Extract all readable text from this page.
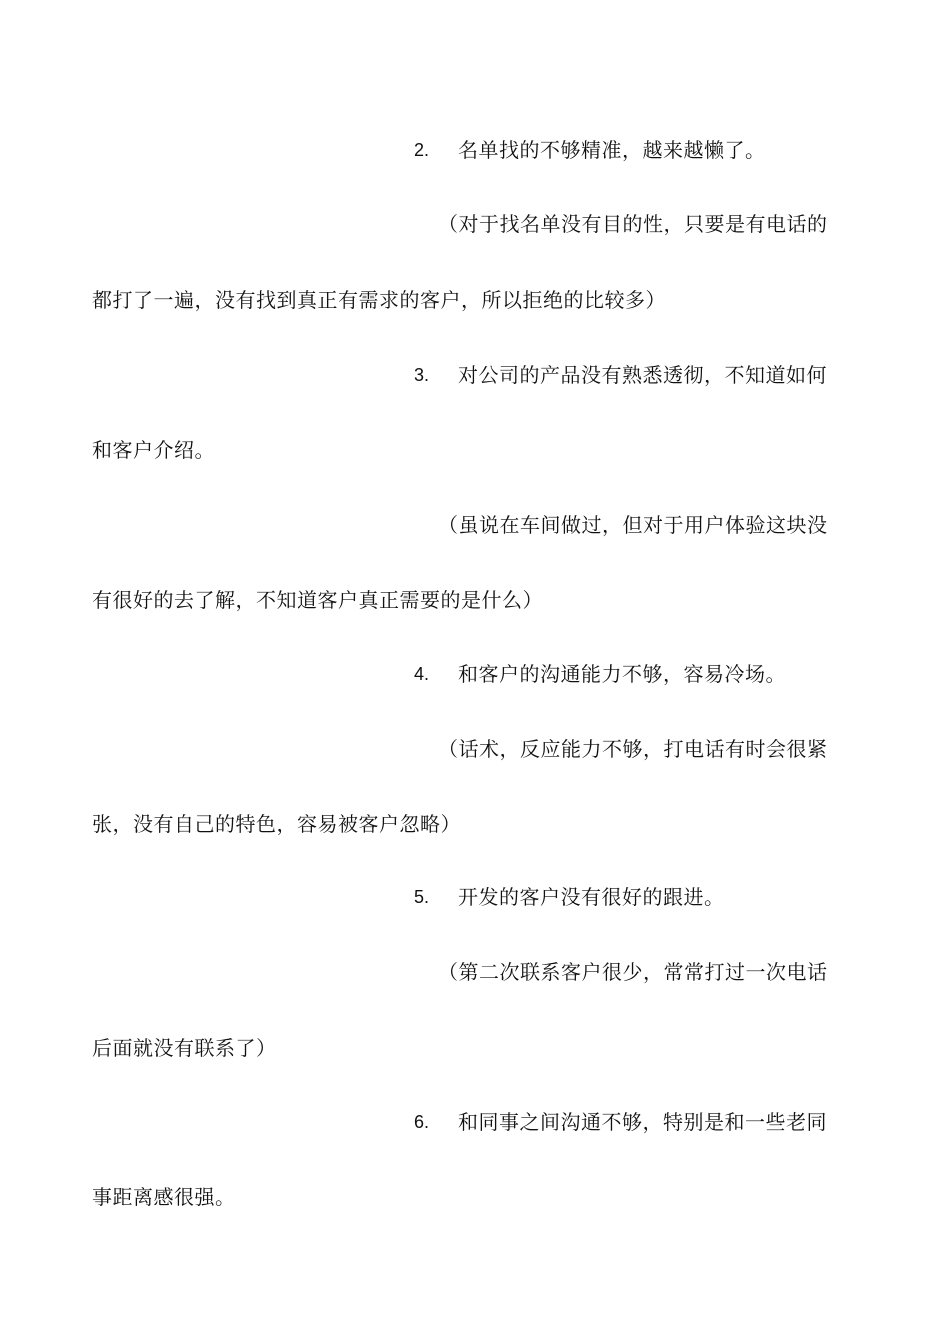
2. 名单找的不够精准，越来越懒了。
（对于找名单没有目的性，只要是有电话的
都打了一遍，没有找到真正有需求的客户，所以拒绝的比较多）
3. 对公司的产品没有熟悉透彻，不知道如何
和客户介绍。
（虽说在车间做过，但对于用户体验这块没
有很好的去了解，不知道客户真正需要的是什么）
4. 和客户的沟通能力不够，容易冷场。
（话术，反应能力不够，打电话有时会很紧
张，没有自己的特色，容易被客户忽略）
5. 开发的客户没有很好的跟进。
（第二次联系客户很少，常常打过一次电话
后面就没有联系了）
6. 和同事之间沟通不够，特别是和一些老同
事距离感很强。
